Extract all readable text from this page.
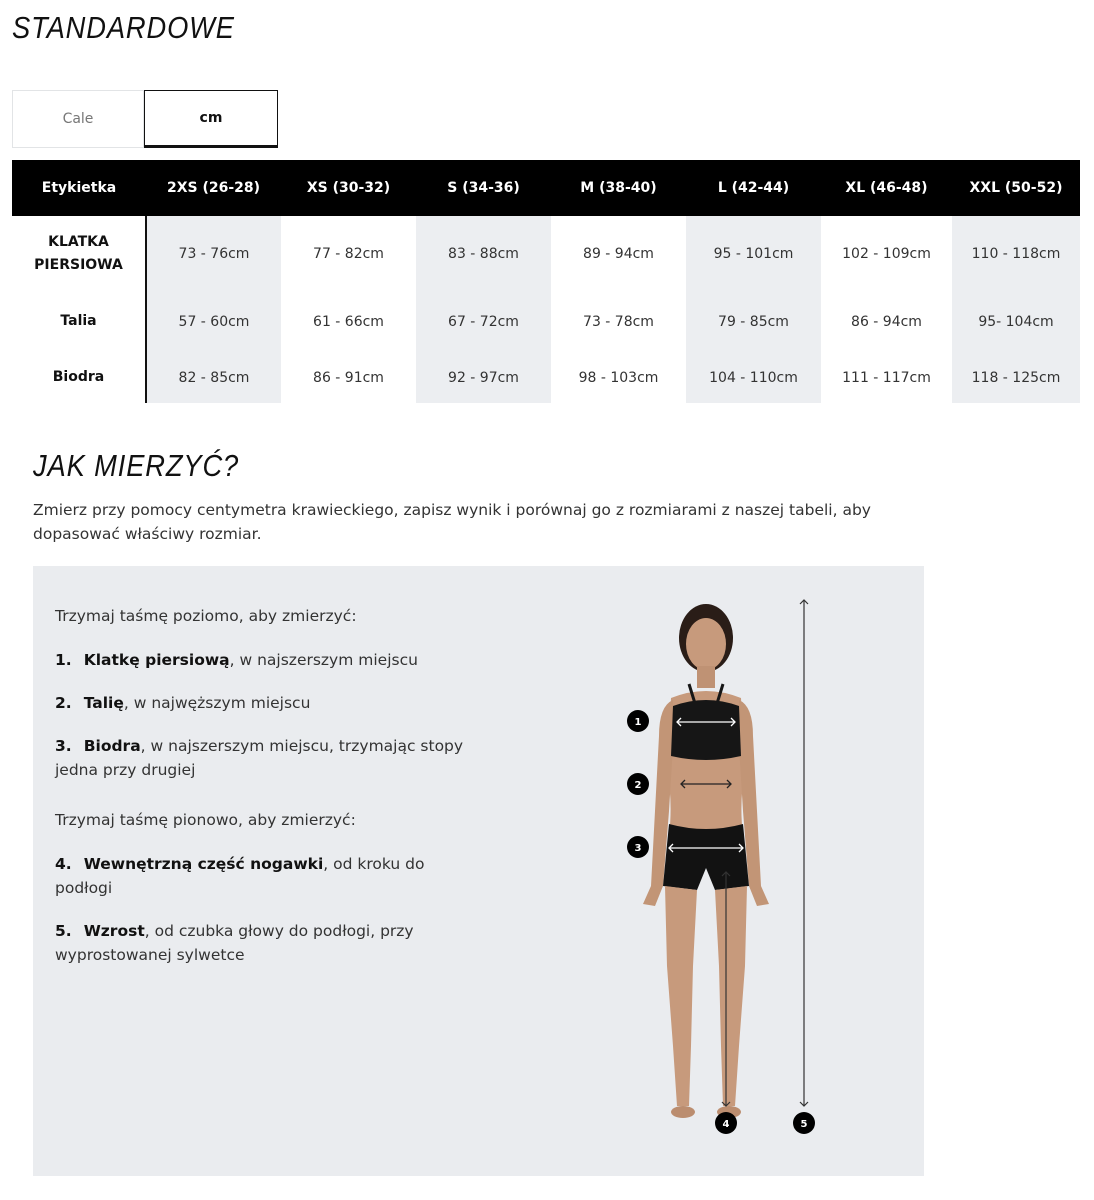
STANDARDOWE
Cale	cm
Etykietka	2XS (26-28)	XS (30-32)	S (34-36)	M (38-40)	L (42-44)	XL (46-48)	XXL (50-52)

KLATKA PIERSIOWA	73 - 76cm	77 - 82cm	83 - 88cm	89 - 94cm	95 - 101cm	102 - 109cm	110 - 118cm
Talia	57 - 60cm	61 - 66cm	67 - 72cm	73 - 78cm	79 - 85cm	86 - 94cm	95- 104cm
Biodra	82 - 85cm	86 - 91cm	92 - 97cm	98 - 103cm	104 - 110cm	111 - 117cm	118 - 125cm
JAK MIERZYĆ?

Zmierz przy pomocy centymetra krawieckiego, zapisz wynik i porównaj go z rozmiarami z naszej tabeli, aby dopasować właściwy rozmiar.

Trzymaj taśmę poziomo, aby zmierzyć:

1. Klatkę piersiową, w najszerszym miejscu

2. Talię, w najwęższym miejscu

3. Biodra, w najszerszym miejscu, trzymając stopy jedna przy drugiej

Trzymaj taśmę pionowo, aby zmierzyć:

4. Wewnętrzną część nogawki, od kroku do podłogi

5. Wzrost, od czubka głowy do podłogi, przy wyprostowanej sylwetce

1
2
3
4	5
